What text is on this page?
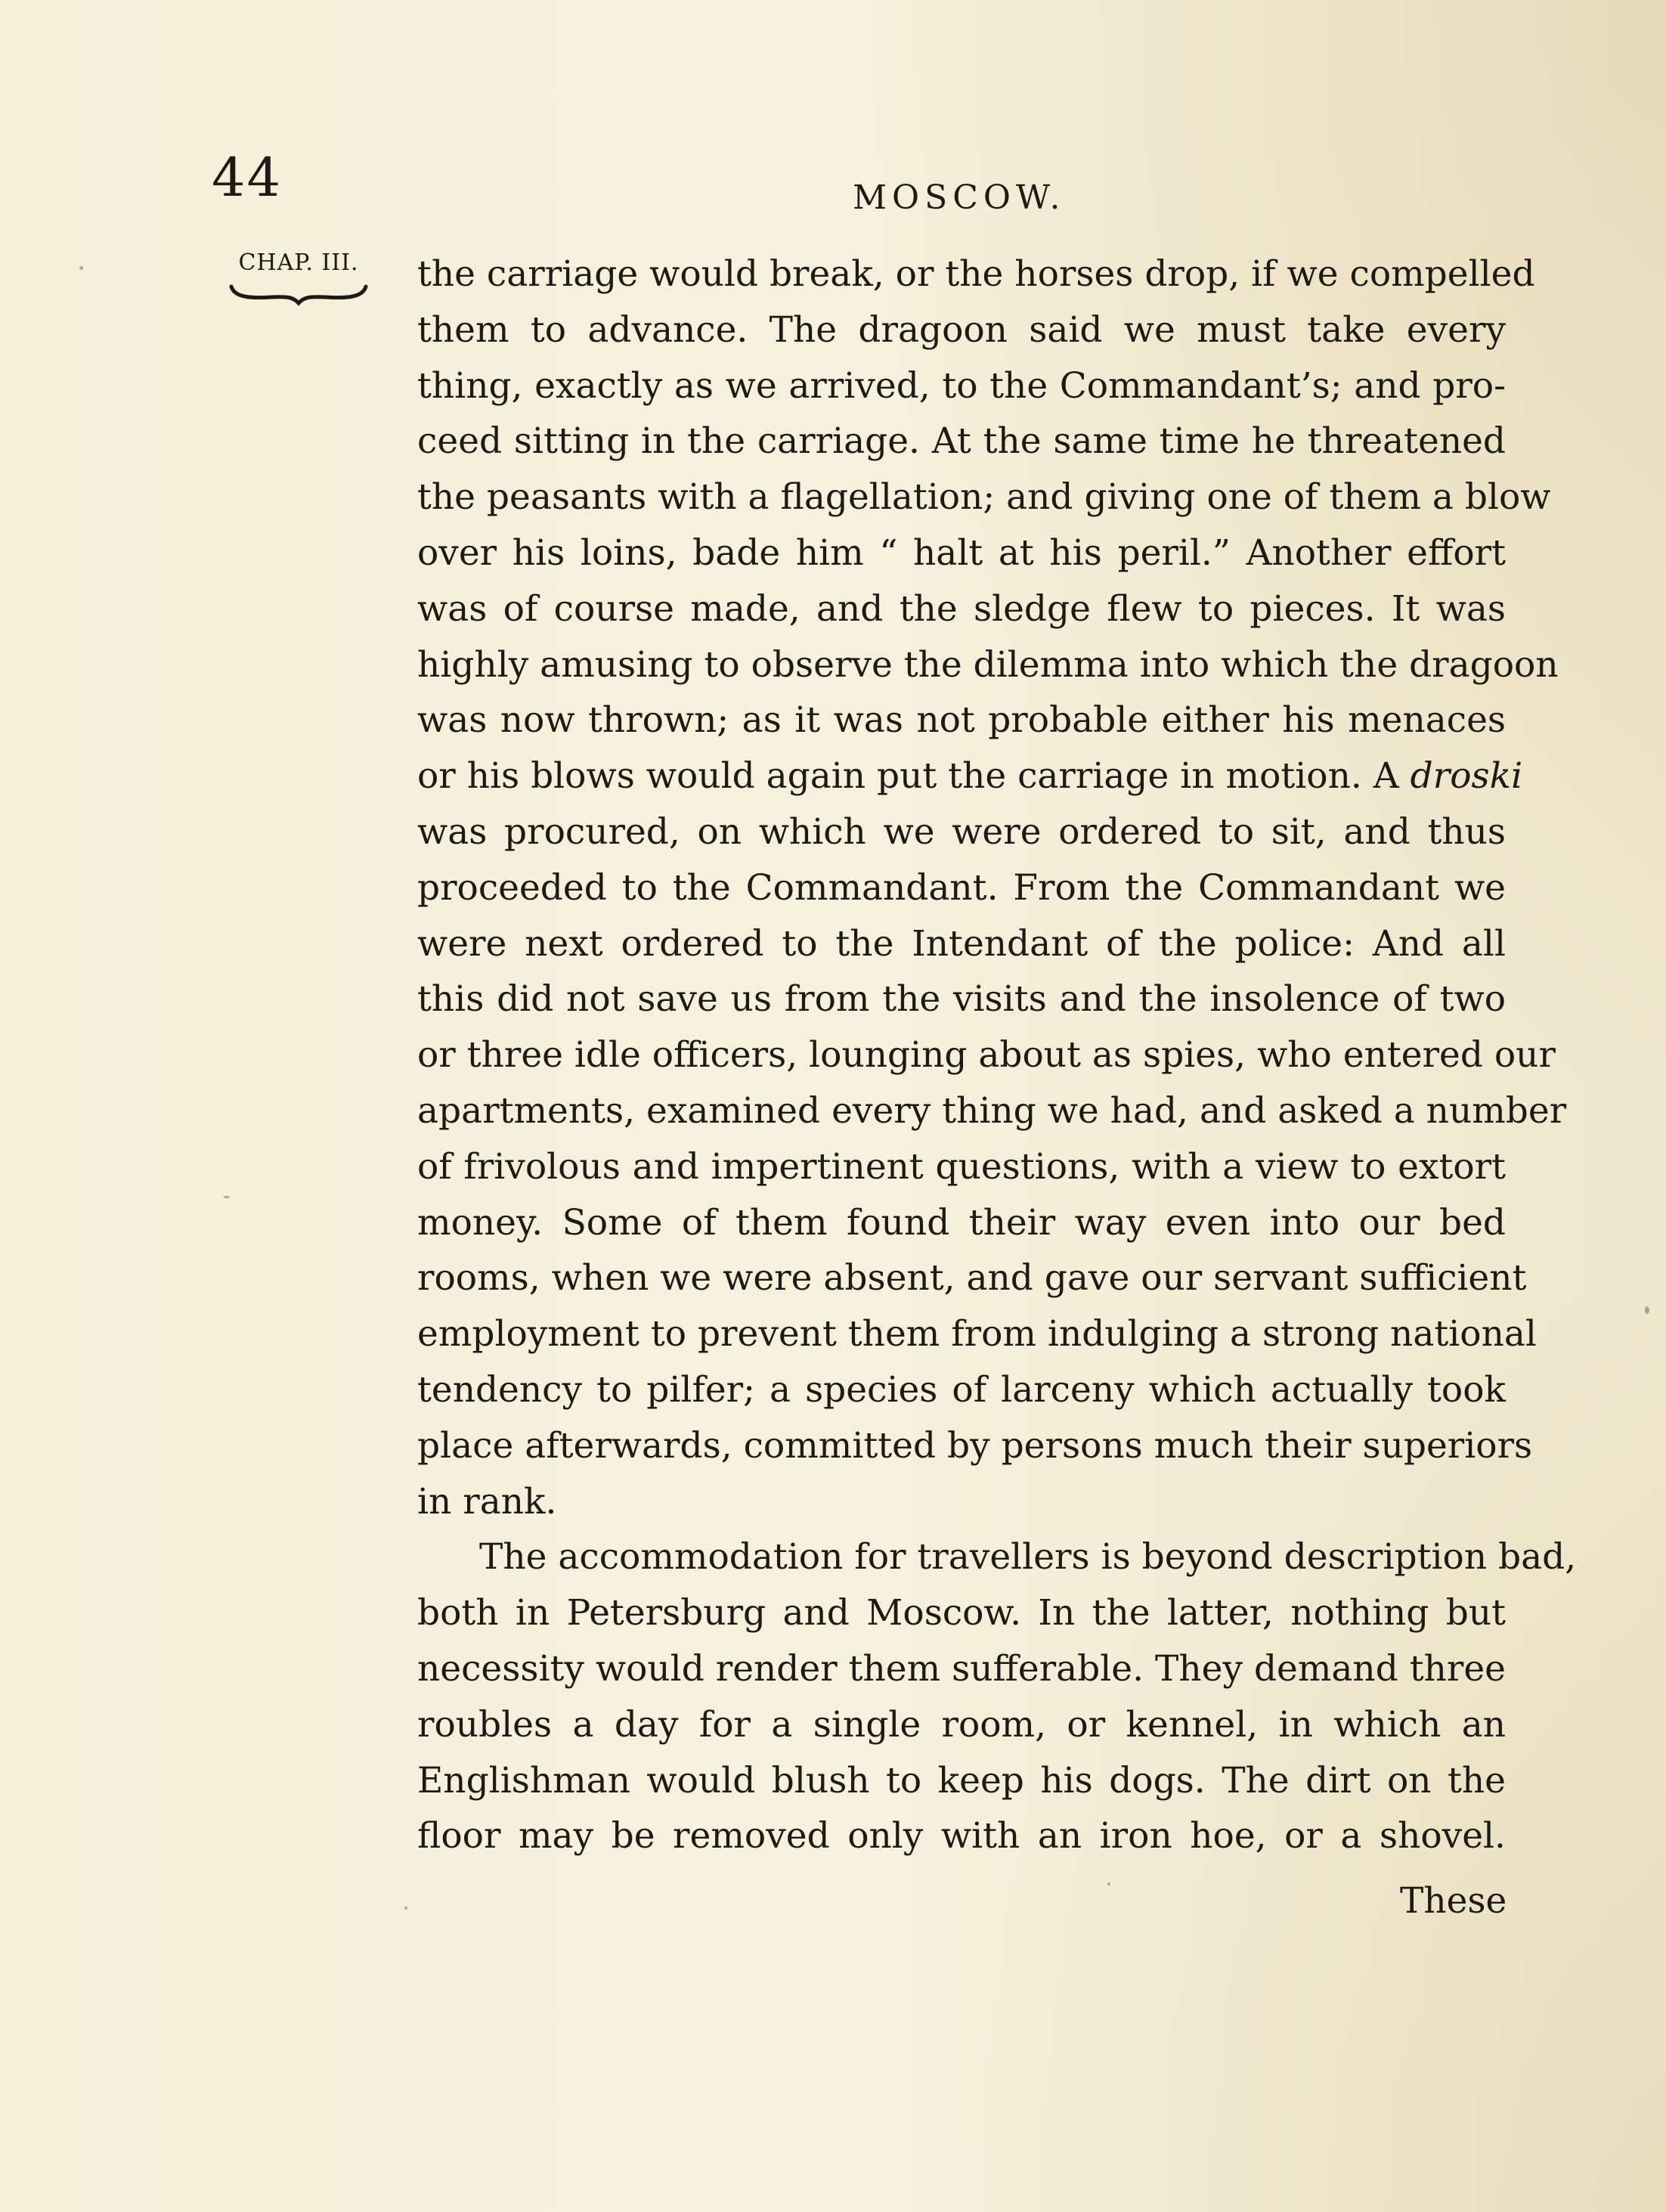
44	MOSCOW.
CHAP. III.	the carriage would break, or the horses drop, if we compelled
them to advance. The dragoon said we must take every
thing, exactly as we arrived, to the Commandant’s; and pro-
ceed sitting in the carriage. At the same time he threatened
the peasants with a flagellation; and giving one of them a blow
over his loins, bade him “ halt at his peril.” Another effort
was of course made, and the sledge flew to pieces. It was
highly amusing to observe the dilemma into which the dragoon
was now thrown; as it was not probable either his menaces
or his blows would again put the carriage in motion. A droski
was procured, on which we were ordered to sit, and thus
proceeded to the Commandant. From the Commandant we
were next ordered to the Intendant of the police: And all
this did not save us from the visits and the insolence of two
or three idle officers, lounging about as spies, who entered our
apartments, examined every thing we had, and asked a number
of frivolous and impertinent questions, with a view to extort
money. Some of them found their way even into our bed
rooms, when we were absent, and gave our servant sufficient
employment to prevent them from indulging a strong national
tendency to pilfer; a species of larceny which actually took
place afterwards, committed by persons much their superiors
in rank.
The accommodation for travellers is beyond description bad,
both in Petersburg and Moscow. In the latter, nothing but
necessity would render them sufferable. They demand three
roubles a day for a single room, or kennel, in which an
Englishman would blush to keep his dogs. The dirt on the
floor may be removed only with an iron hoe, or a shovel.
These
